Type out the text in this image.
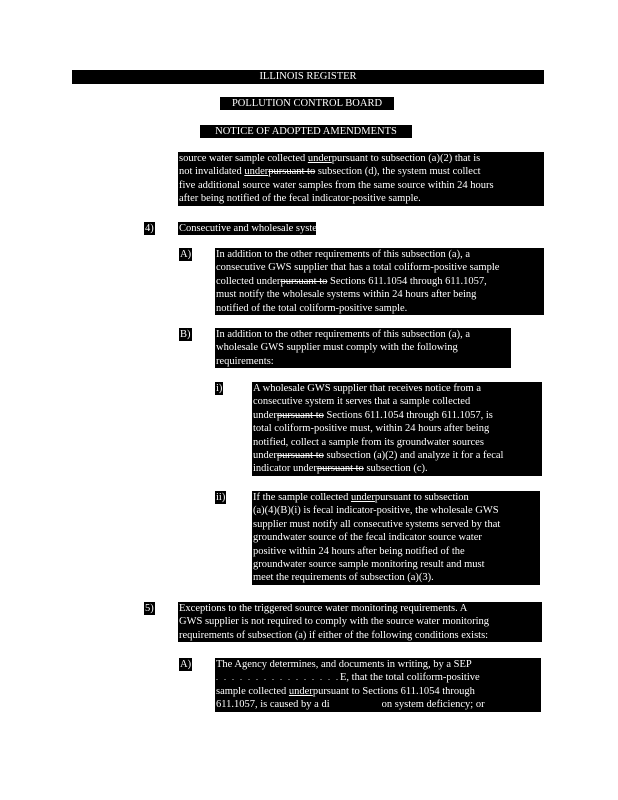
ILLINOIS REGISTER
POLLUTION CONTROL BOARD
NOTICE OF ADOPTED AMENDMENTS
source water sample collected underpursuant to subsection (a)(2) that is
not invalidated underpursuant to subsection (d), the system must collect
five additional source water samples from the same source within 24 hours
after being notified of the fecal indicator-positive sample.
4) Consecutive and wholesale systems.
A) In addition to the other requirements of this subsection (a), a
consecutive GWS supplier that has a total coliform-positive sample
collected underpursuant to Sections 611.1054 through 611.1057,
must notify the wholesale systems within 24 hours after being
notified of the total coliform-positive sample.
B) In addition to the other requirements of this subsection (a), a
wholesale GWS supplier must comply with the following
requirements:
i)	A wholesale GWS supplier that receives notice from a
consecutive system it serves that a sample collected
underpursuant to Sections 611.1054 through 611.1057, is
total coliform-positive must, within 24 hours after being
notified, collect a sample from its groundwater sources
underpursuant to subsection (a)(2) and analyze it for a fecal
indicator underpursuant to subsection (c).
ii)	If the sample collected underpursuant to subsection
(a)(4)(B)(i) is fecal indicator-positive, the wholesale GWS
supplier must notify all consecutive systems served by that
groundwater source of the fecal indicator source water
positive within 24 hours after being notified of the
groundwater source sample monitoring result and must
meet the requirements of subsection (a)(3).
5) Exceptions to the triggered source water monitoring requirements. A
GWS supplier is not required to comply with the source water monitoring
requirements of subsection (a) if either of the following conditions exists:
A) The Agency determines, and documents in writing, by a SEP
. . . . . . . . . . . . . . . .E, that the total coliform-positive
sample collected underpursuant to Sections 611.1054 through
611.1057, is caused by a di	on system deficiency; or
